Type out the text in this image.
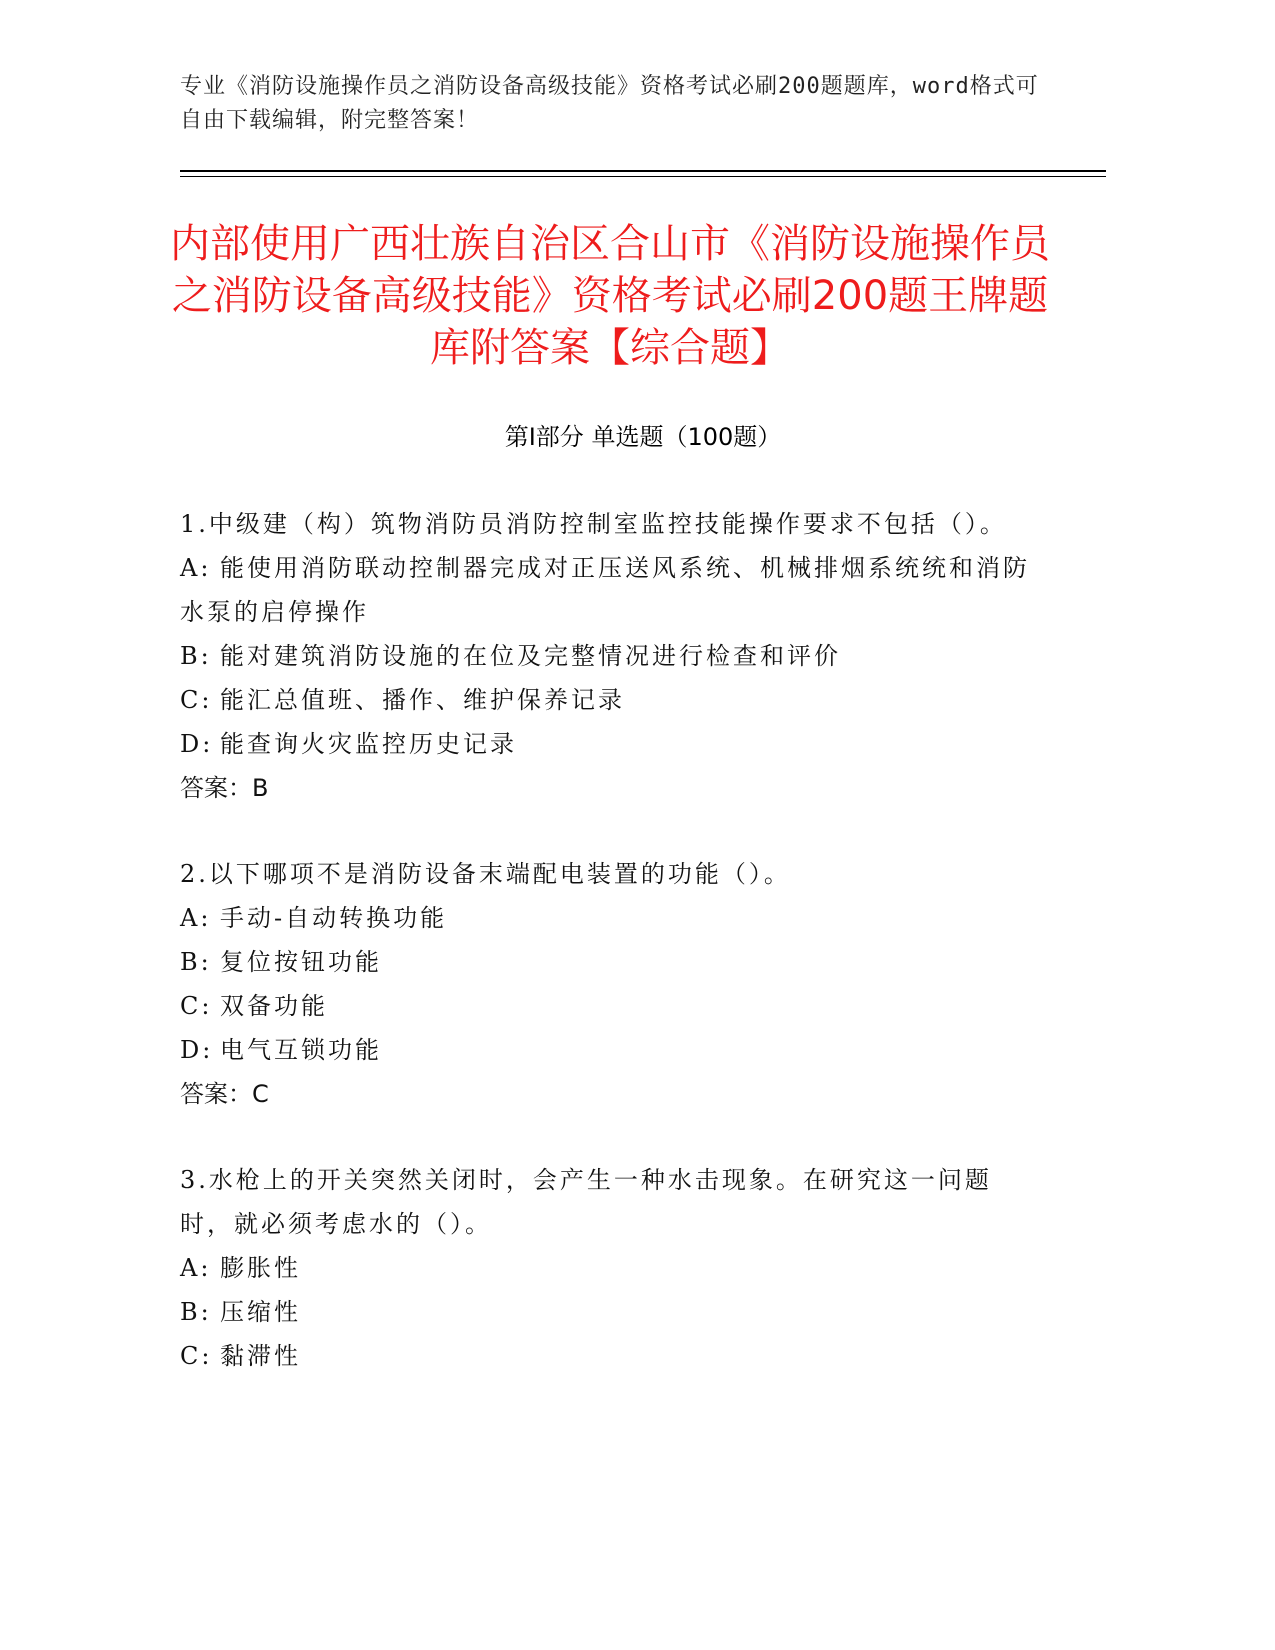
专业《消防设施操作员之消防设备高级技能》资格考试必刷200题题库，word格式可自由下载编辑，附完整答案！
内部使用广西壮族自治区合山市《消防设施操作员之消防设备高级技能》资格考试必刷200题王牌题库附答案【综合题】
第Ⅰ部分 单选题（100题）

1.中级建（构）筑物消防员消防控制室监控技能操作要求不包括（）。

A: 能使用消防联动控制器完成对正压送风系统、机械排烟系统统和消防水泵的启停操作

B: 能对建筑消防设施的在位及完整情况进行检查和评价

C: 能汇总值班、播作、维护保养记录

D: 能查询火灾监控历史记录

答案：B

2.以下哪项不是消防设备末端配电装置的功能（）。

A: 手动-自动转换功能

B: 复位按钮功能

C: 双备功能

D: 电气互锁功能

答案：C

3.水枪上的开关突然关闭时，会产生一种水击现象。在研究这一问题时，就必须考虑水的（）。

A: 膨胀性

B: 压缩性

C: 黏滞性
